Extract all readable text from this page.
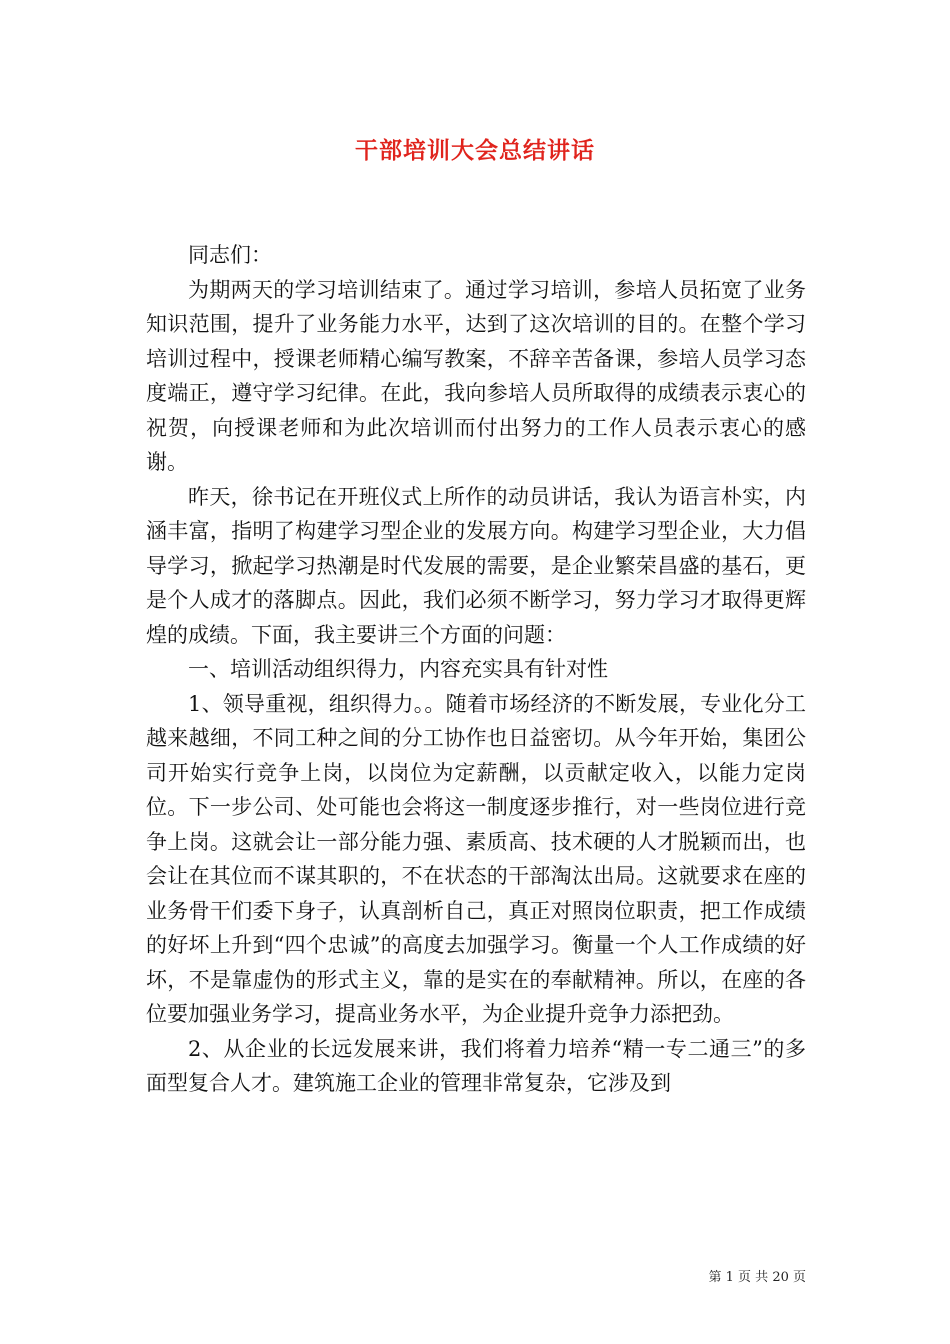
干部培训大会总结讲话

同志们：

为期两天的学习培训结束了。通过学习培训，参培人员拓宽了业务知识范围，提升了业务能力水平，达到了这次培训的目的。在整个学习培训过程中，授课老师精心编写教案，不辞辛苦备课，参培人员学习态度端正，遵守学习纪律。在此，我向参培人员所取得的成绩表示衷心的祝贺，向授课老师和为此次培训而付出努力的工作人员表示衷心的感谢。

昨天，徐书记在开班仪式上所作的动员讲话，我认为语言朴实，内涵丰富，指明了构建学习型企业的发展方向。构建学习型企业，大力倡导学习，掀起学习热潮是时代发展的需要，是企业繁荣昌盛的基石，更是个人成才的落脚点。因此，我们必须不断学习，努力学习才取得更辉煌的成绩。下面，我主要讲三个方面的问题：

一、培训活动组织得力，内容充实具有针对性

1、领导重视，组织得力。。随着市场经济的不断发展，专业化分工越来越细，不同工种之间的分工协作也日益密切。从今年开始，集团公司开始实行竞争上岗，以岗位为定薪酬，以贡献定收入，以能力定岗位。下一步公司、处可能也会将这一制度逐步推行，对一些岗位进行竞争上岗。这就会让一部分能力强、素质高、技术硬的人才脱颖而出，也会让在其位而不谋其职的，不在状态的干部淘汰出局。这就要求在座的业务骨干们委下身子，认真剖析自己，真正对照岗位职责，把工作成绩的好坏上升到“四个忠诚”的高度去加强学习。衡量一个人工作成绩的好坏，不是靠虚伪的形式主义，靠的是实在的奉献精神。所以，在座的各位要加强业务学习，提高业务水平，为企业提升竞争力添把劲。

2、从企业的长远发展来讲，我们将着力培养“精一专二通三”的多面型复合人才。建筑施工企业的管理非常复杂，它涉及到

第 1 页 共 20 页
